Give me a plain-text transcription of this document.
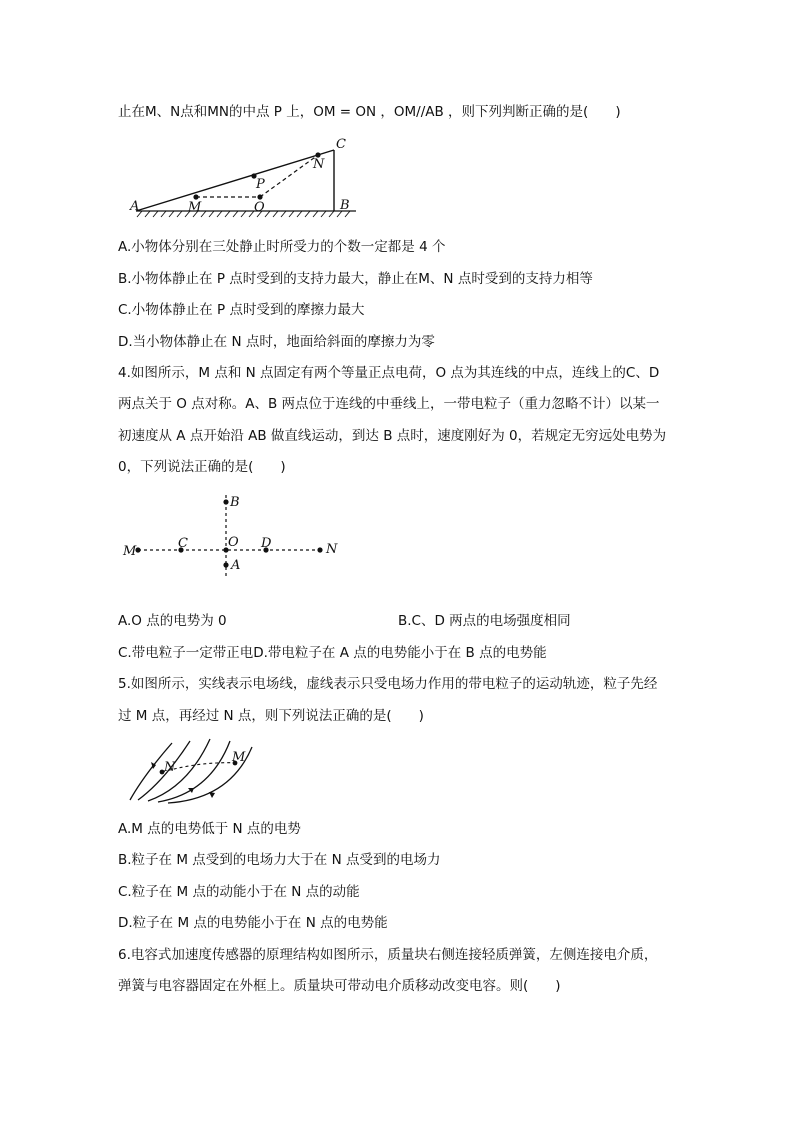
止在M、N点和MN的中点 P 上，OM = ON ，OM//AB ，则下列判断正确的是(　　)
A	M	O
P
N
C
B
A.小物体分别在三处静止时所受力的个数一定都是 4 个
B.小物体静止在 P 点时受到的支持力最大，静止在M、N 点时受到的支持力相等
C.小物体静止在 P 点时受到的摩擦力最大
D.当小物体静止在 N 点时，地面给斜面的摩擦力为零
4.如图所示，M 点和 N 点固定有两个等量正点电荷，O 点为其连线的中点，连线上的C、D
两点关于 O 点对称。A、B 两点位于连线的中垂线上，一带电粒子（重力忽略不计）以某一
初速度从 A 点开始沿 AB 做直线运动，到达 B 点时，速度刚好为 0，若规定无穷远处电势为
0，下列说法正确的是(　　)
M
C	O D	N
B
A
A.O 点的电势为 0	B.C、D 两点的电场强度相同
C.带电粒子一定带正电D.带电粒子在 A 点的电势能小于在 B 点的电势能
5.如图所示，实线表示电场线，虚线表示只受电场力作用的带电粒子的运动轨迹，粒子先经
过 M 点，再经过 N 点，则下列说法正确的是(　　)
N
M
A.M 点的电势低于 N 点的电势
B.粒子在 M 点受到的电场力大于在 N 点受到的电场力
C.粒子在 M 点的动能小于在 N 点的动能
D.粒子在 M 点的电势能小于在 N 点的电势能
6.电容式加速度传感器的原理结构如图所示，质量块右侧连接轻质弹簧，左侧连接电介质，
弹簧与电容器固定在外框上。质量块可带动电介质移动改变电容。则(　　)
